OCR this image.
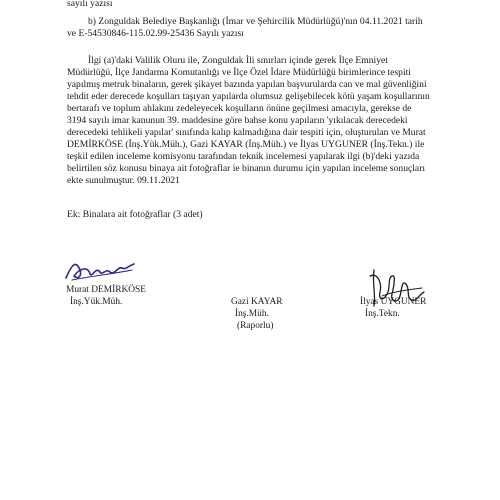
sayılı yazısı
b) Zonguldak Belediye Başkanlığı (İmar ve Şehircilik Müdürlüğü)'nın 04.11.2021 tarih
ve E-54530846-115.02.99-25436 Sayılı yazısı
İlgi (a)'daki Valilik Oluru ile, Zonguldak İli sınırları içinde gerek İlçe Emniyet
Müdürlüğü, İlçe Jandarma Komutanlığı ve İlçe Özel İdare Müdürlüğü birimlerince tespiti
yapılmış metruk binaların, gerek şikayet bazında yapılan başvurularda can ve mal güvenliğini
tehdit eder derecede koşulları taşıyan yapılarda olumsuz gelişebilecek kötü yaşam koşullarının
bertarafı ve toplum ahlakını zedeleyecek koşulların önüne geçilmesi amacıyla, gerekse de
3194 sayılı imar kanunun 39. maddesine göre bahse konu yapıların 'yıkılacak derecedeki
derecedeki tehlikeli yapılar' sınıfında kalıp kalmadığına dair tespiti için, oluşturulan ve Murat
DEMİRKÖSE (İnş.Yük.Müh.), Gazi KAYAR (İnş.Müh.) ve İlyas UYGUNER (İnş.Tekn.) ile
teşkil edilen inceleme komisyonu tarafından teknik incelemesi yapılarak ilgi (b)'deki yazıda
belirtilen söz konusu binaya ait fotoğraflar ie binanın durumu için yapılan inceleme sonuçları
ekte sunulmuştur. 09.11.2021
Ek: Binalara ait fotoğraflar (3 adet)
Murat DEMİRKÖSE
İnş.Yük.Müh.	Gazi KAYAR
İnş.Müh.
(Raporlu)
İlyas UYGUNER
İnş.Tekn.
